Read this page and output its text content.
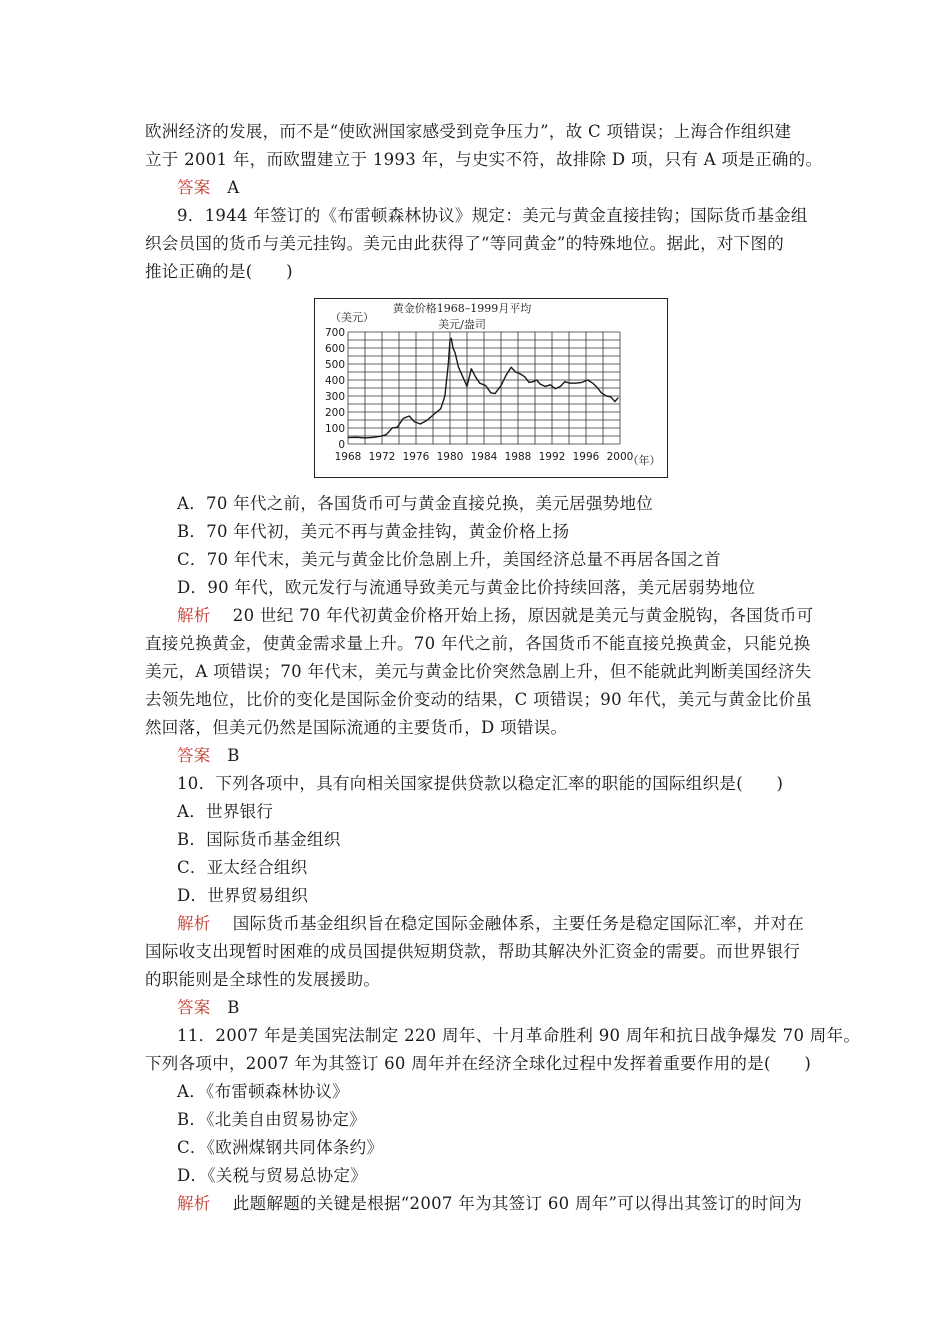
欧洲经济的发展，而不是“使欧洲国家感受到竞争压力”，故 C 项错误；上海合作组织建
立于 2001 年，而欧盟建立于 1993 年，与史实不符，故排除 D 项，只有 A 项是正确的。
答案 A
9．1944 年签订的《布雷顿森林协议》规定：美元与黄金直接挂钩；国际货币基金组
织会员国的货币与美元挂钩。美元由此获得了“等同黄金”的特殊地位。据此，对下图的
推论正确的是(　　)
黄金价格1968–1999月平均
美元/盎司
（美元）
（年）
0
100
200
300
400
500
600
700
1968 1972 1976 1980 1984 1988 1992 1996 2000
A．70 年代之前，各国货币可与黄金直接兑换，美元居强势地位
B．70 年代初，美元不再与黄金挂钩，黄金价格上扬
C．70 年代末，美元与黄金比价急剧上升，美国经济总量不再居各国之首
D．90 年代，欧元发行与流通导致美元与黄金比价持续回落，美元居弱势地位
解析 20 世纪 70 年代初黄金价格开始上扬，原因就是美元与黄金脱钩，各国货币可
直接兑换黄金，使黄金需求量上升。70 年代之前，各国货币不能直接兑换黄金，只能兑换
美元，A 项错误；70 年代末，美元与黄金比价突然急剧上升，但不能就此判断美国经济失
去领先地位，比价的变化是国际金价变动的结果，C 项错误；90 年代，美元与黄金比价虽
然回落，但美元仍然是国际流通的主要货币，D 项错误。
答案 B
10．下列各项中，具有向相关国家提供贷款以稳定汇率的职能的国际组织是(　　)
A．世界银行
B．国际货币基金组织
C．亚太经合组织
D．世界贸易组织
解析 国际货币基金组织旨在稳定国际金融体系，主要任务是稳定国际汇率，并对在
国际收支出现暂时困难的成员国提供短期贷款，帮助其解决外汇资金的需要。而世界银行
的职能则是全球性的发展援助。
答案 B
11．2007 年是美国宪法制定 220 周年、十月革命胜利 90 周年和抗日战争爆发 70 周年。
下列各项中，2007 年为其签订 60 周年并在经济全球化过程中发挥着重要作用的是(　　)
A．《布雷顿森林协议》
B．《北美自由贸易协定》
C．《欧洲煤钢共同体条约》
D．《关税与贸易总协定》
解析 此题解题的关键是根据“2007 年为其签订 60 周年”可以得出其签订的时间为
